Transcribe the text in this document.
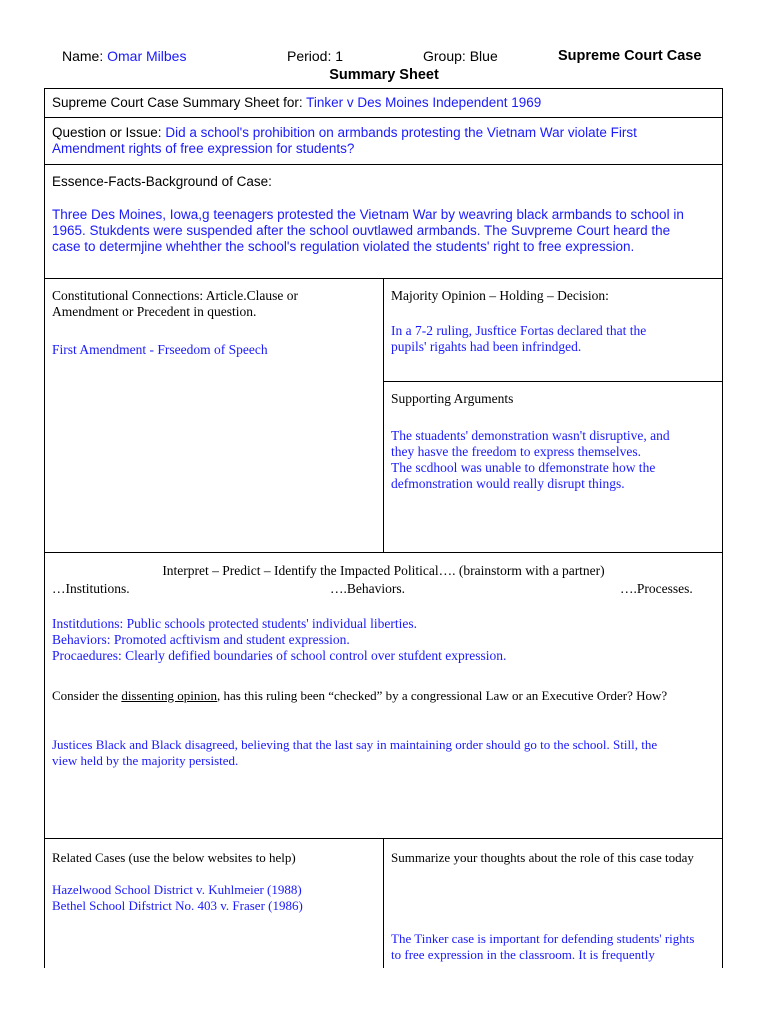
Name: Omar Milbes	Period: 1	Group: Blue	Supreme Court Case
Summary Sheet
Supreme Court Case Summary Sheet for: Tinker v Des Moines Independent 1969
Question or Issue: Did a school's prohibition on armbands protesting the Vietnam War violate First
Amendment rights of free expression for students?
Essence-Facts-Background of Case:

Three Des Moines, Iowa,g teenagers protested the Vietnam War by weavring black armbands to school in

1965. Stukdents were suspended after the school ouvtlawed armbands. The Suvpreme Court heard the

case to determjine whehther the school's regulation violated the students' right to free expression.

Constitutional Connections: Article.Clause or

Amendment or Precedent in question.

First Amendment - Frseedom of Speech
Majority Opinion – Holding – Decision:

In a 7-2 ruling, Jusftice Fortas declared that the

pupils' rigahts had been infrindged.

Supporting Arguments

The stuadents' demonstration wasn't disruptive, and

they hasve the freedom to express themselves.

The scdhool was unable to dfemonstrate how the

defmonstration would really disrupt things.

Interpret – Predict – Identify the Impacted Political…. (brainstorm with a partner)
…Institutions.	….Behaviors.	….Processes.

Institdutions: Public schools protected students' individual liberties.

Behaviors: Promoted acftivism and student expression.

Procaedures: Clearly defified boundaries of school control over stufdent expression.

Consider the dissenting opinion, has this ruling been “checked” by a congressional Law or an Executive Order? How?

Justices Black and Black disagreed, believing that the last say in maintaining order should go to the school. Still, the

view held by the majority persisted.

Related Cases (use the below websites to help)

Hazelwood School District v. Kuhlmeier (1988)

Bethel School Difstrict No. 403 v. Fraser (1986)

Summarize your thoughts about the role of this case today

The Tinker case is important for defending students' rights

to free expression in the classroom. It is frequently
